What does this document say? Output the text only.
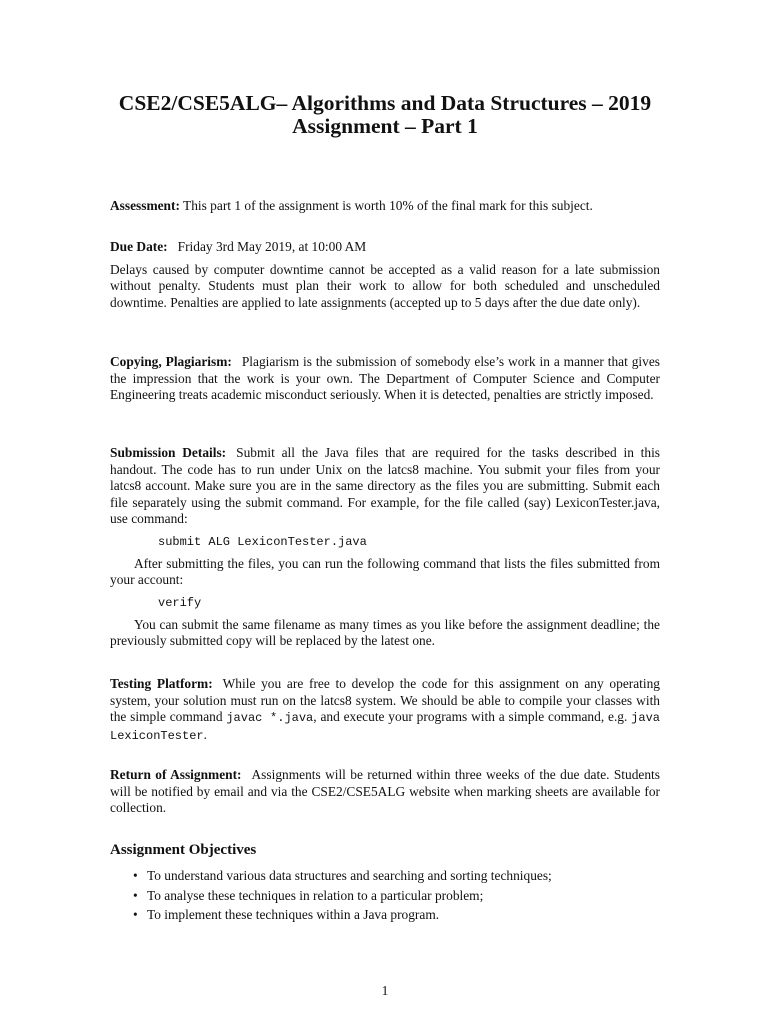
CSE2/CSE5ALG– Algorithms and Data Structures – 2019
Assignment – Part 1

Assessment: This part 1 of the assignment is worth 10% of the final mark for this subject.

Due Date: Friday 3rd May 2019, at 10:00 AM

Delays caused by computer downtime cannot be accepted as a valid reason for a late submission without penalty. Students must plan their work to allow for both scheduled and unscheduled downtime. Penalties are applied to late assignments (accepted up to 5 days after the due date only).

Copying, Plagiarism: Plagiarism is the submission of somebody else’s work in a manner that gives the impression that the work is your own. The Department of Computer Science and Computer Engineering treats academic misconduct seriously. When it is detected, penalties are strictly imposed.

Submission Details: Submit all the Java files that are required for the tasks described in this handout. The code has to run under Unix on the latcs8 machine. You submit your files from your latcs8 account. Make sure you are in the same directory as the files you are submitting. Submit each file separately using the submit command. For example, for the file called (say) LexiconTester.java, use command:

submit ALG LexiconTester.java

After submitting the files, you can run the following command that lists the files submitted from your account:

verify

You can submit the same filename as many times as you like before the assignment deadline; the previously submitted copy will be replaced by the latest one.

Testing Platform: While you are free to develop the code for this assignment on any operating system, your solution must run on the latcs8 system. We should be able to compile your classes with the simple command javac *.java, and execute your programs with a simple command, e.g. java LexiconTester.

Return of Assignment: Assignments will be returned within three weeks of the due date. Students will be notified by email and via the CSE2/CSE5ALG website when marking sheets are available for collection.

Assignment Objectives
• To understand various data structures and searching and sorting techniques;
• To analyse these techniques in relation to a particular problem;
• To implement these techniques within a Java program.
1
